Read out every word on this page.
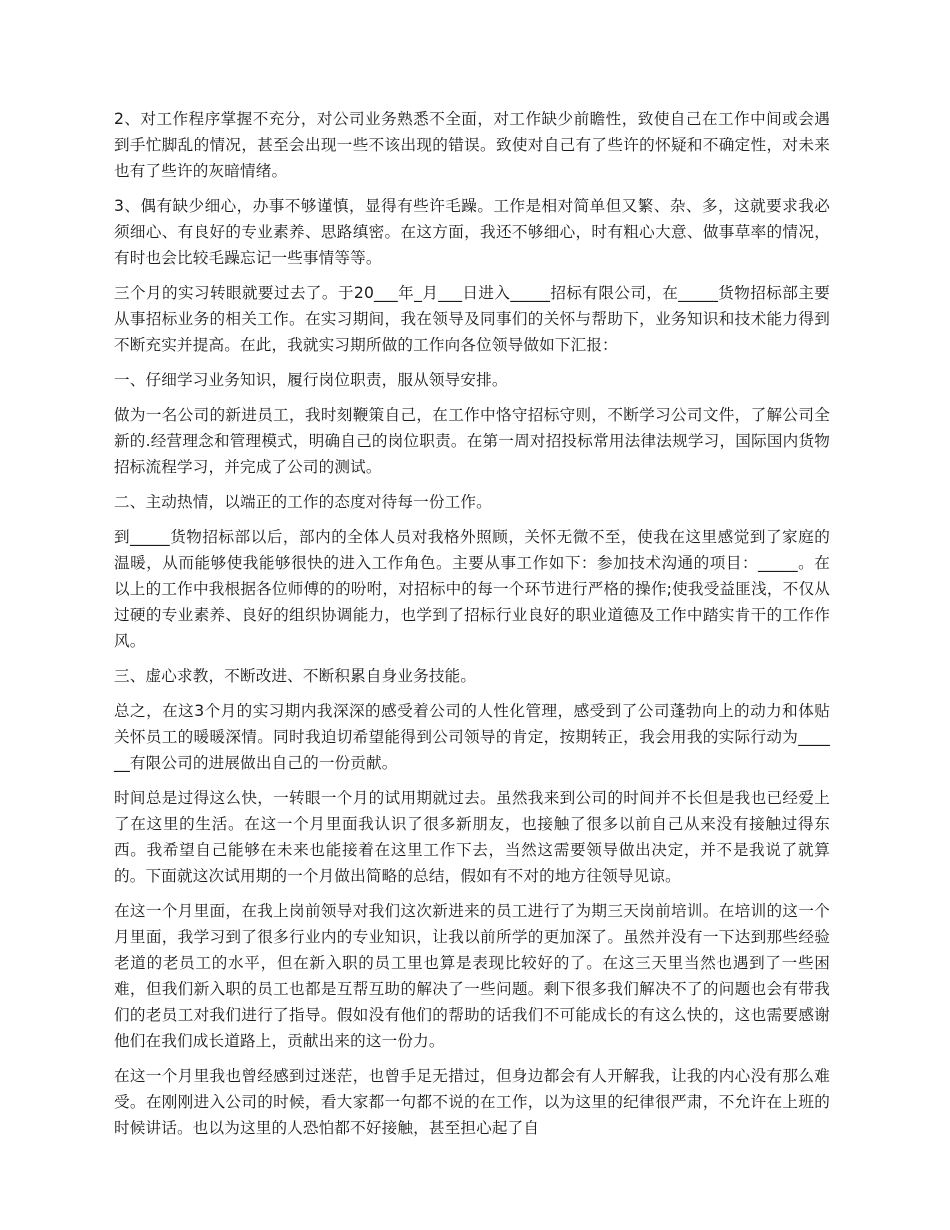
2、对工作程序掌握不充分，对公司业务熟悉不全面，对工作缺少前瞻性，致使自己在工作中间或会遇到手忙脚乱的情况，甚至会出现一些不该出现的错误。致使对自己有了些许的怀疑和不确定性，对未来也有了些许的灰暗情绪。

3、偶有缺少细心，办事不够谨慎，显得有些许毛躁。工作是相对简单但又繁、杂、多，这就要求我必须细心、有良好的专业素养、思路缜密。在这方面，我还不够细心，时有粗心大意、做事草率的情况，有时也会比较毛躁忘记一些事情等等。

三个月的实习转眼就要过去了。于20___年_月___日进入_____招标有限公司，在_____货物招标部主要从事招标业务的相关工作。在实习期间，我在领导及同事们的关怀与帮助下，业务知识和技术能力得到不断充实并提高。在此，我就实习期所做的工作向各位领导做如下汇报：

一、仔细学习业务知识，履行岗位职责，服从领导安排。

做为一名公司的新进员工，我时刻鞭策自己，在工作中恪守招标守则，不断学习公司文件，了解公司全新的.经营理念和管理模式，明确自己的岗位职责。在第一周对招投标常用法律法规学习，国际国内货物招标流程学习，并完成了公司的测试。

二、主动热情，以端正的工作的态度对待每一份工作。

到_____货物招标部以后，部内的全体人员对我格外照顾，关怀无微不至，使我在这里感觉到了家庭的温暖，从而能够使我能够很快的进入工作角色。主要从事工作如下：参加技术沟通的项目：_____。在以上的工作中我根据各位师傅的的吩咐，对招标中的每一个环节进行严格的操作;使我受益匪浅，不仅从过硬的专业素养、良好的组织协调能力，也学到了招标行业良好的职业道德及工作中踏实肯干的工作作风。

三、虚心求教，不断改进、不断积累自身业务技能。

总之，在这3个月的实习期内我深深的感受着公司的人性化管理，感受到了公司蓬勃向上的动力和体贴关怀员工的暖暖深情。同时我迫切希望能得到公司领导的肯定，按期转正，我会用我的实际行动为______有限公司的进展做出自己的一份贡献。

时间总是过得这么快，一转眼一个月的试用期就过去。虽然我来到公司的时间并不长但是我也已经爱上了在这里的生活。在这一个月里面我认识了很多新朋友，也接触了很多以前自己从来没有接触过得东西。我希望自己能够在未来也能接着在这里工作下去，当然这需要领导做出决定，并不是我说了就算的。下面就这次试用期的一个月做出简略的总结，假如有不对的地方往领导见谅。

在这一个月里面，在我上岗前领导对我们这次新进来的员工进行了为期三天岗前培训。在培训的这一个月里面，我学习到了很多行业内的专业知识，让我以前所学的更加深了。虽然并没有一下达到那些经验老道的老员工的水平，但在新入职的员工里也算是表现比较好的了。在这三天里当然也遇到了一些困难，但我们新入职的员工也都是互帮互助的解决了一些问题。剩下很多我们解决不了的问题也会有带我们的老员工对我们进行了指导。假如没有他们的帮助的话我们不可能成长的有这么快的，这也需要感谢他们在我们成长道路上，贡献出来的这一份力。

在这一个月里我也曾经感到过迷茫，也曾手足无措过，但身边都会有人开解我，让我的内心没有那么难受。在刚刚进入公司的时候，看大家都一句都不说的在工作，以为这里的纪律很严肃，不允许在上班的时候讲话。也以为这里的人恐怕都不好接触，甚至担心起了自
